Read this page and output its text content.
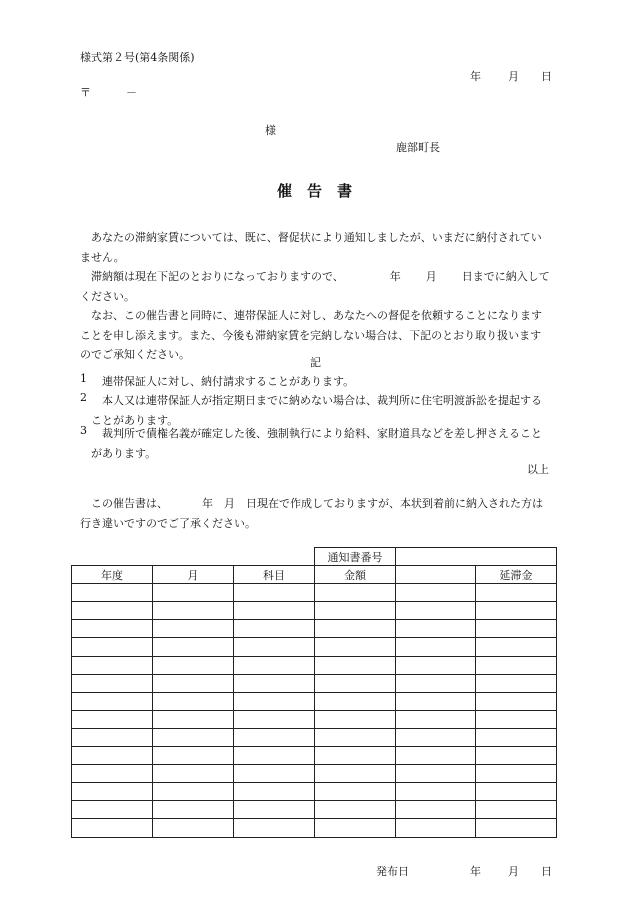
様式第２号(第4条関係)
年 月 日
〒	－
様
鹿部町長
催告書
あなたの滞納家賃については、既に、督促状により通知しましたが、いまだに納付されていません。
滞納額は現在下記のとおりになっておりますので、	年 月 日までに納入してください。
なお、この催告書と同時に、連帯保証人に対し、あなたへの督促を依頼することになりますことを申し添えます。また、今後も滞納家賃を完納しない場合は、下記のとおり取り扱いますのでご承知ください。
記
1 連帯保証人に対し、納付請求することがあります。
2	本人又は連帯保証人が指定期日までに納めない場合は、裁判所に住宅明渡訴訟を提起することがあります。
3	裁判所で債権名義が確定した後、強制執行により給料、家財道具などを差し押さえることがあります。
以上
この催告書は、	年 月 日現在で作成しておりますが、本状到着前に納入された方は行き違いですのでご了承ください。
			通知書番号		
年度	月	科目	金額		延滞金

発布日	年 月 日
